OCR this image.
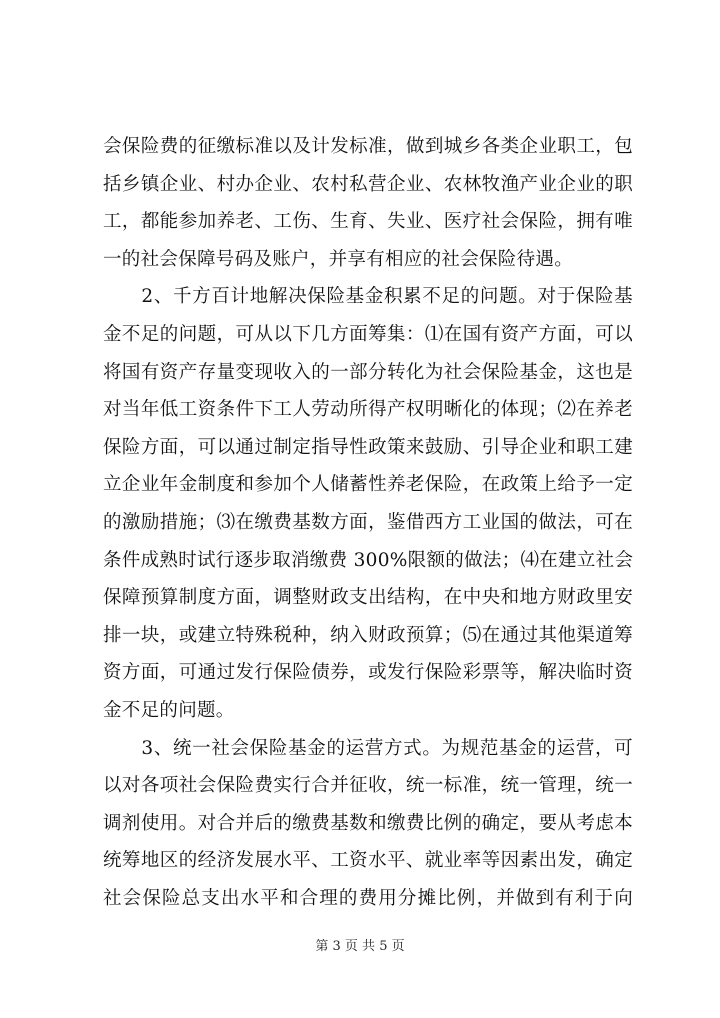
会保险费的征缴标准以及计发标准，做到城乡各类企业职工，包
括乡镇企业、村办企业、农村私营企业、农林牧渔产业企业的职
工，都能参加养老、工伤、生育、失业、医疗社会保险，拥有唯
一的社会保障号码及账户，并享有相应的社会保险待遇。
　　2、千方百计地解决保险基金积累不足的问题。对于保险基
金不足的问题，可从以下几方面筹集：⑴在国有资产方面，可以
将国有资产存量变现收入的一部分转化为社会保险基金，这也是
对当年低工资条件下工人劳动所得产权明晰化的体现；⑵在养老
保险方面，可以通过制定指导性政策来鼓励、引导企业和职工建
立企业年金制度和参加个人储蓄性养老保险，在政策上给予一定
的激励措施；⑶在缴费基数方面，鉴借西方工业国的做法，可在
条件成熟时试行逐步取消缴费 300%限额的做法；⑷在建立社会
保障预算制度方面，调整财政支出结构，在中央和地方财政里安
排一块，或建立特殊税种，纳入财政预算；⑸在通过其他渠道筹
资方面，可通过发行保险债券，或发行保险彩票等，解决临时资
金不足的问题。
　　3、统一社会保险基金的运营方式。为规范基金的运营，可
以对各项社会保险费实行合并征收，统一标准，统一管理，统一
调剂使用。对合并后的缴费基数和缴费比例的确定，要从考虑本
统筹地区的经济发展水平、工资水平、就业率等因素出发，确定
社会保险总支出水平和合理的费用分摊比例，并做到有利于向
第 3 页 共 5 页
